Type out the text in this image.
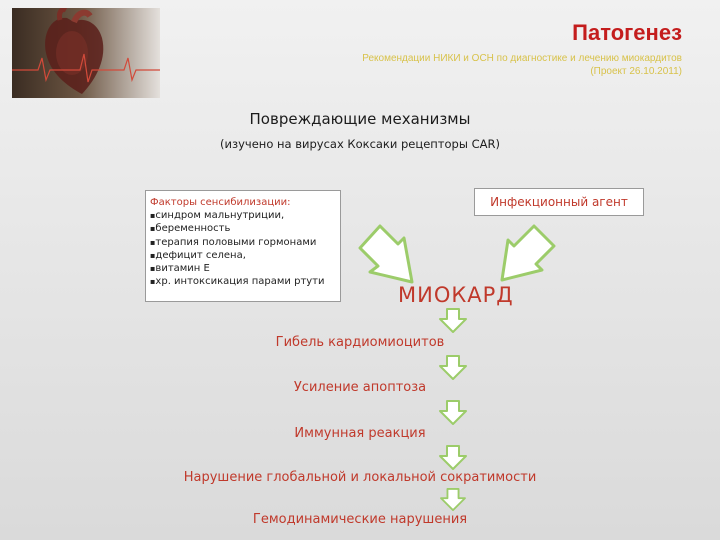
Патогенез
Рекомендации НИКИ и ОСН по диагностике и лечению миокардитов
(Проект 26.10.2011)
Повреждающие механизмы
(изучено на вирусах Коксаки рецепторы CAR)
Факторы сенсибилизации:
▪ синдром мальнутриции,
▪ беременность
▪ терапия половыми гормонами
▪ дефицит селена,
▪ витамин Е
▪ хр. интоксикация парами ртути
Инфекционный агент
МИОКАРД
Гибель кардиомиоцитов
Усиление апоптоза
Иммунная реакция
Нарушение глобальной и локальной сократимости
Гемодинамические нарушения
